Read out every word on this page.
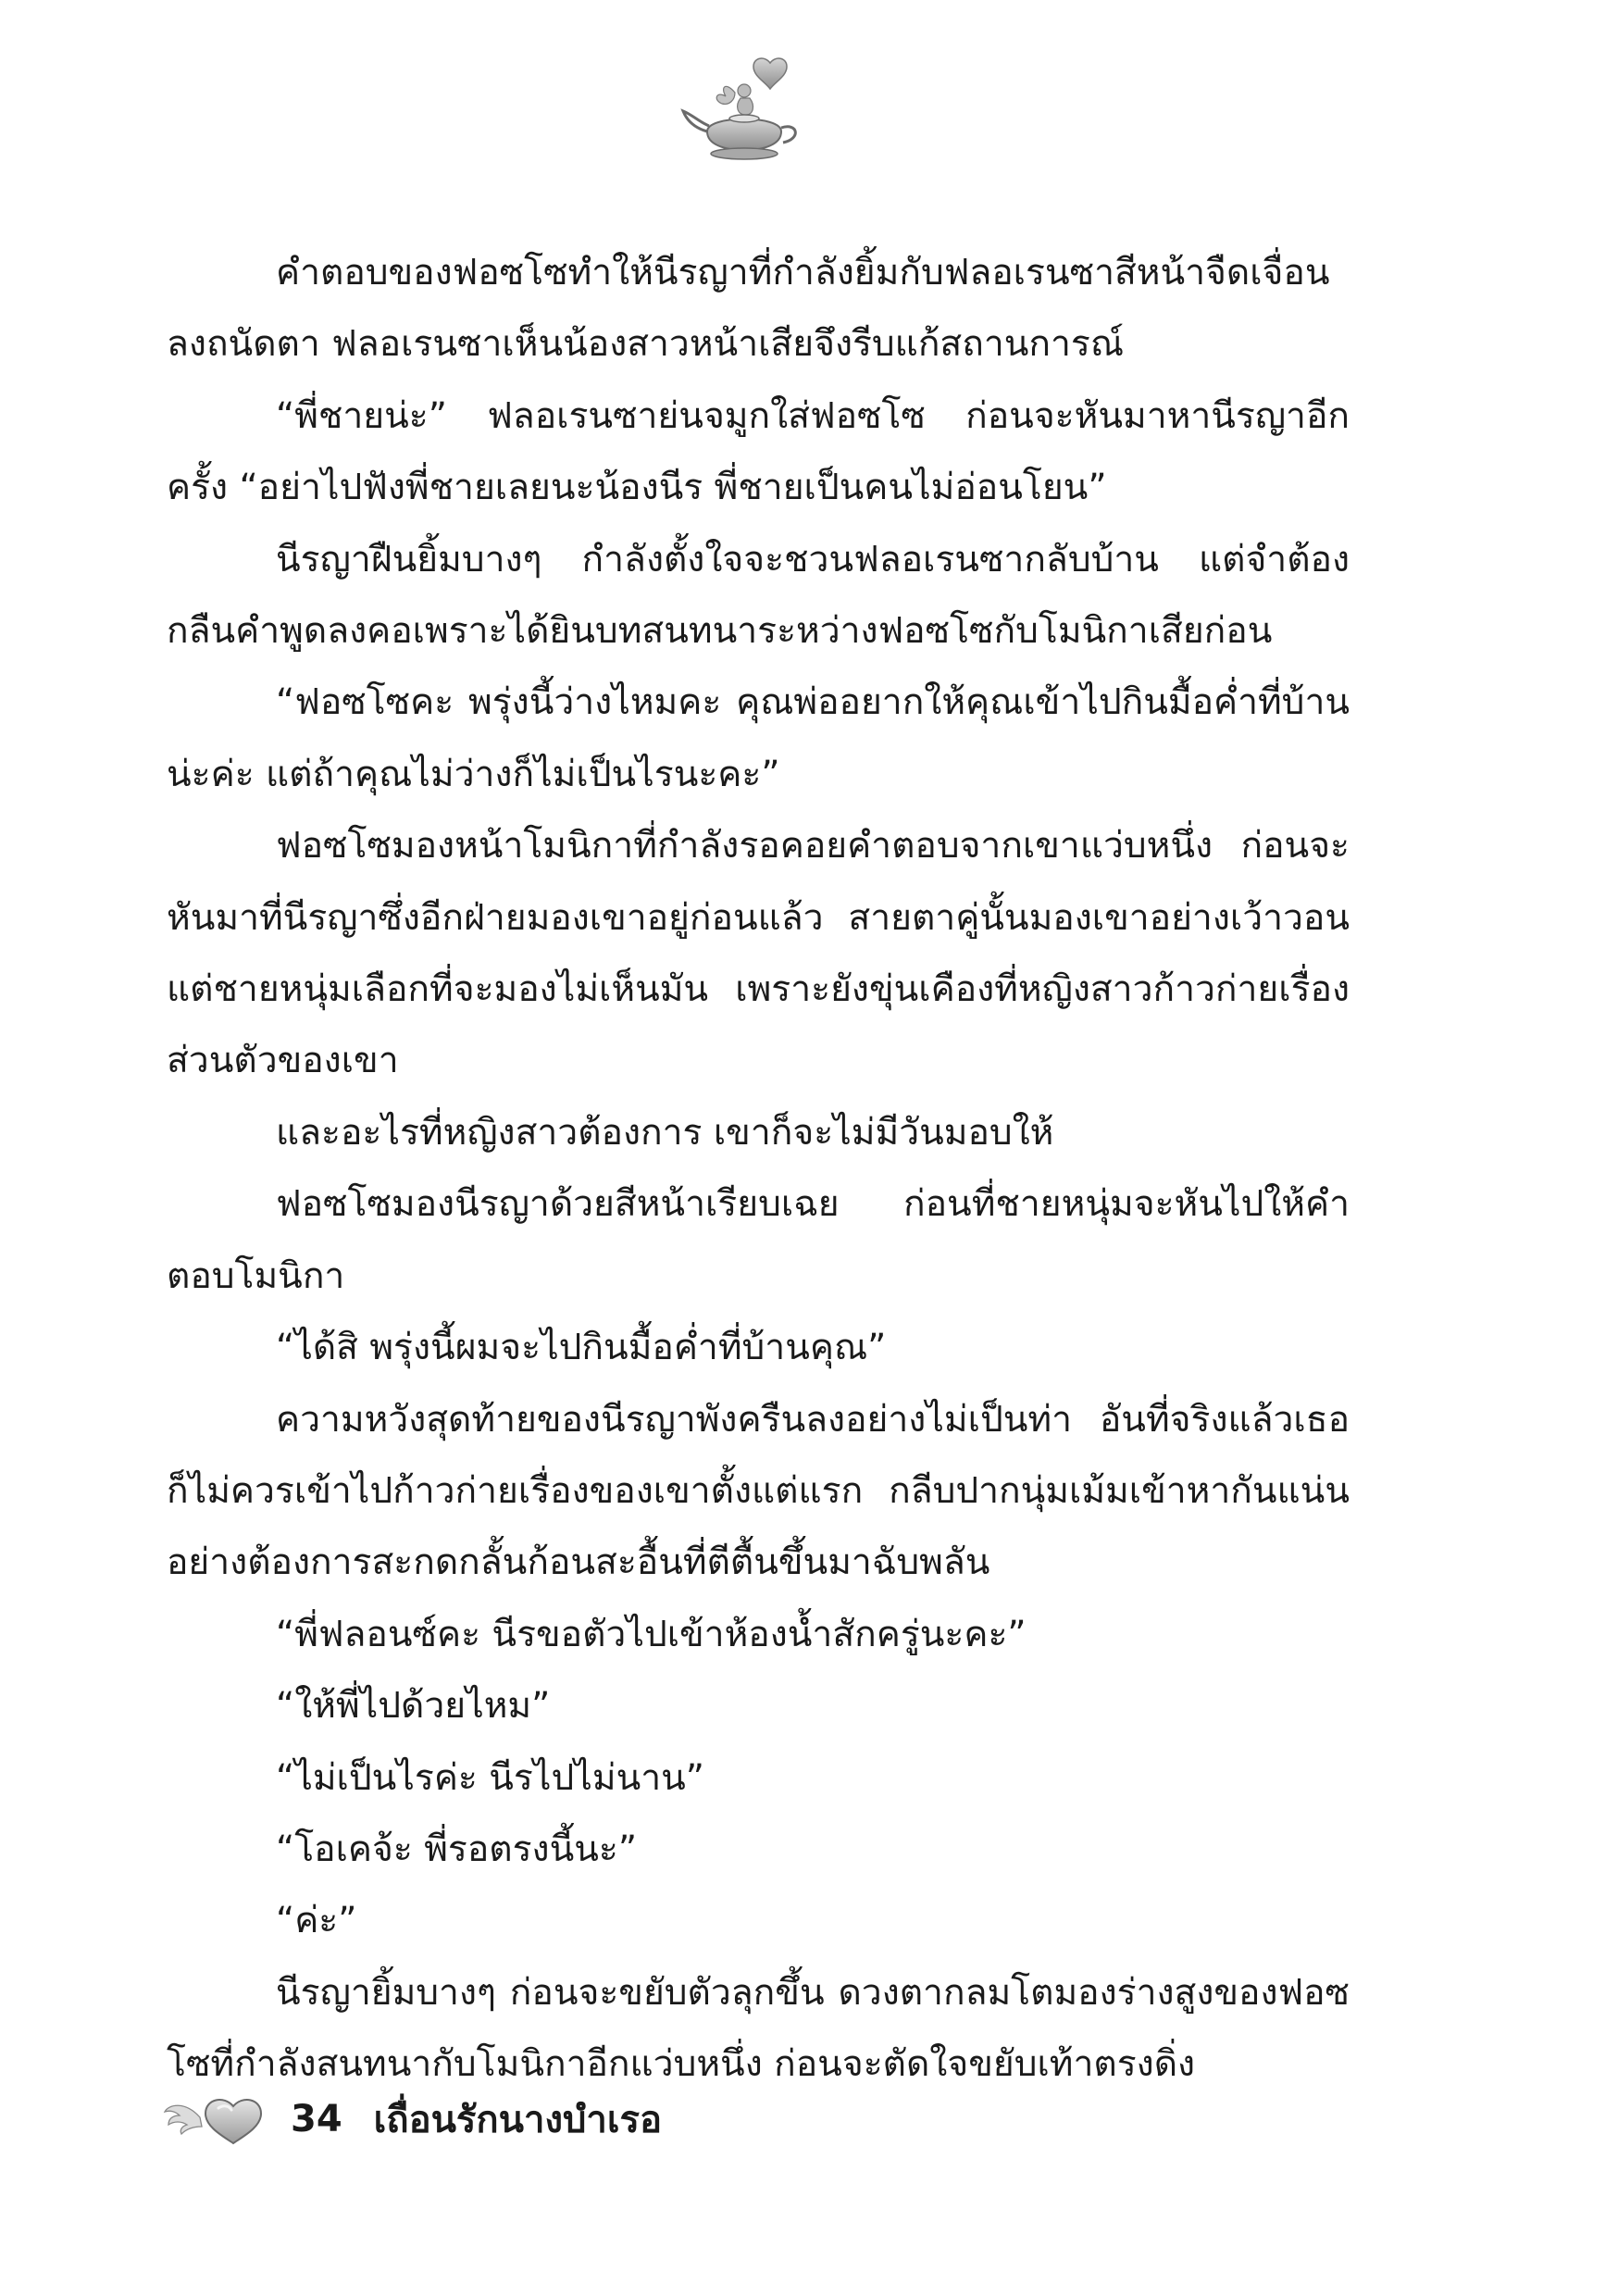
คำตอบของฟอซโซทำให้นีรญาที่กำลังยิ้มกับฟลอเรนซาสีหน้าจืดเจื่อนลงถนัดตา ฟลอเรนซาเห็นน้องสาวหน้าเสียจึงรีบแก้สถานการณ์

“พี่ชายน่ะ” ฟลอเรนซาย่นจมูกใส่ฟอซโซ ก่อนจะหันมาหานีรญาอีกครั้ง “อย่าไปฟังพี่ชายเลยนะน้องนีร พี่ชายเป็นคนไม่อ่อนโยน”

นีรญาฝืนยิ้มบางๆ กำลังตั้งใจจะชวนฟลอเรนซากลับบ้าน แต่จำต้องกลืนคำพูดลงคอเพราะได้ยินบทสนทนาระหว่างฟอซโซกับโมนิกาเสียก่อน

“ฟอซโซคะ พรุ่งนี้ว่างไหมคะ คุณพ่ออยากให้คุณเข้าไปกินมื้อค่ำที่บ้านน่ะค่ะ แต่ถ้าคุณไม่ว่างก็ไม่เป็นไรนะคะ”

ฟอซโซมองหน้าโมนิกาที่กำลังรอคอยคำตอบจากเขาแว่บหนึ่ง ก่อนจะหันมาที่นีรญาซึ่งอีกฝ่ายมองเขาอยู่ก่อนแล้ว สายตาคู่นั้นมองเขาอย่างเว้าวอน แต่ชายหนุ่มเลือกที่จะมองไม่เห็นมัน เพราะยังขุ่นเคืองที่หญิงสาวก้าวก่ายเรื่องส่วนตัวของเขา

และอะไรที่หญิงสาวต้องการ เขาก็จะไม่มีวันมอบให้

ฟอซโซมองนีรญาด้วยสีหน้าเรียบเฉย ก่อนที่ชายหนุ่มจะหันไปให้คำตอบโมนิกา

“ได้สิ พรุ่งนี้ผมจะไปกินมื้อค่ำที่บ้านคุณ”

ความหวังสุดท้ายของนีรญาพังครืนลงอย่างไม่เป็นท่า อันที่จริงแล้วเธอก็ไม่ควรเข้าไปก้าวก่ายเรื่องของเขาตั้งแต่แรก กลีบปากนุ่มเม้มเข้าหากันแน่นอย่างต้องการสะกดกลั้นก้อนสะอื้นที่ตีตื้นขึ้นมาฉับพลัน

“พี่ฟลอนซ์คะ นีรขอตัวไปเข้าห้องน้ำสักครู่นะคะ”

“ให้พี่ไปด้วยไหม”

“ไม่เป็นไรค่ะ นีรไปไม่นาน”

“โอเคจ้ะ พี่รอตรงนี้นะ”

“ค่ะ”

นีรญายิ้มบางๆ ก่อนจะขยับตัวลุกขึ้น ดวงตากลมโตมองร่างสูงของฟอซโซที่กำลังสนทนากับโมนิกาอีกแว่บหนึ่ง ก่อนจะตัดใจขยับเท้าตรงดิ่ง

34 เถื่อนรักนางบำเรอ
